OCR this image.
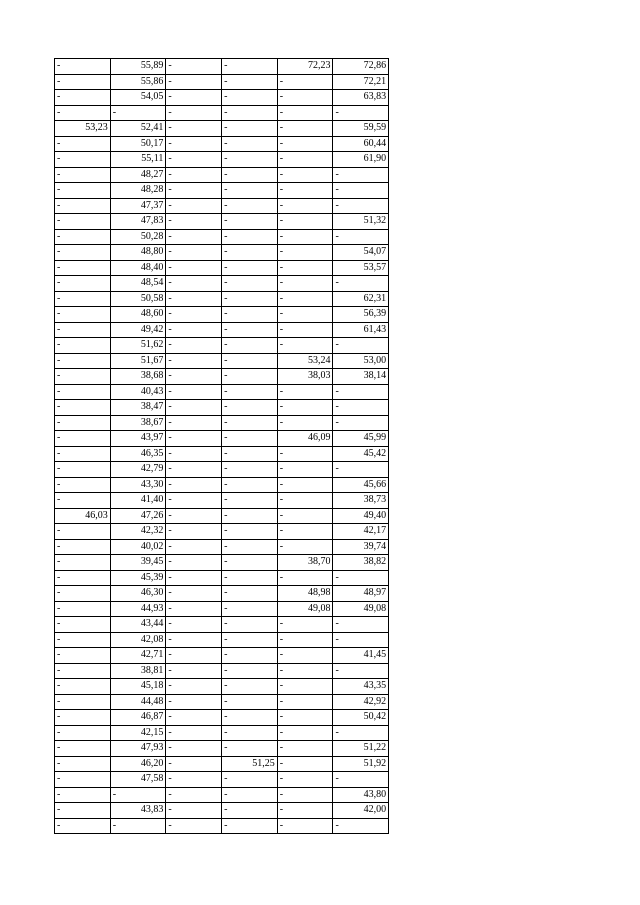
-	55,89	-	-	72,23	72,86
-	55,86	-	-	-	72,21
-	54,05	-	-	-	63,83
-	-	-	-	-	-
53,23	52,41	-	-	-	59,59
-	50,17	-	-	-	60,44
-	55,11	-	-	-	61,90
-	48,27	-	-	-	-
-	48,28	-	-	-	-
-	47,37	-	-	-	-
-	47,83	-	-	-	51,32
-	50,28	-	-	-	-
-	48,80	-	-	-	54,07
-	48,40	-	-	-	53,57
-	48,54	-	-	-	-
-	50,58	-	-	-	62,31
-	48,60	-	-	-	56,39
-	49,42	-	-	-	61,43
-	51,62	-	-	-	-
-	51,67	-	-	53,24	53,00
-	38,68	-	-	38,03	38,14
-	40,43	-	-	-	-
-	38,47	-	-	-	-
-	38,67	-	-	-	-
-	43,97	-	-	46,09	45,99
-	46,35	-	-	-	45,42
-	42,79	-	-	-	-
-	43,30	-	-	-	45,66
-	41,40	-	-	-	38,73
46,03	47,26	-	-	-	49,40
-	42,32	-	-	-	42,17
-	40,02	-	-	-	39,74
-	39,45	-	-	38,70	38,82
-	45,39	-	-	-	-
-	46,30	-	-	48,98	48,97
-	44,93	-	-	49,08	49,08
-	43,44	-	-	-	-
-	42,08	-	-	-	-
-	42,71	-	-	-	41,45
-	38,81	-	-	-	-
-	45,18	-	-	-	43,35
-	44,48	-	-	-	42,92
-	46,87	-	-	-	50,42
-	42,15	-	-	-	-
-	47,93	-	-	-	51,22
-	46,20	-	51,25	-	51,92
-	47,58	-	-	-	-
-	-	-	-	-	43,80
-	43,83	-	-	-	42,00
-	-	-	-	-	-
